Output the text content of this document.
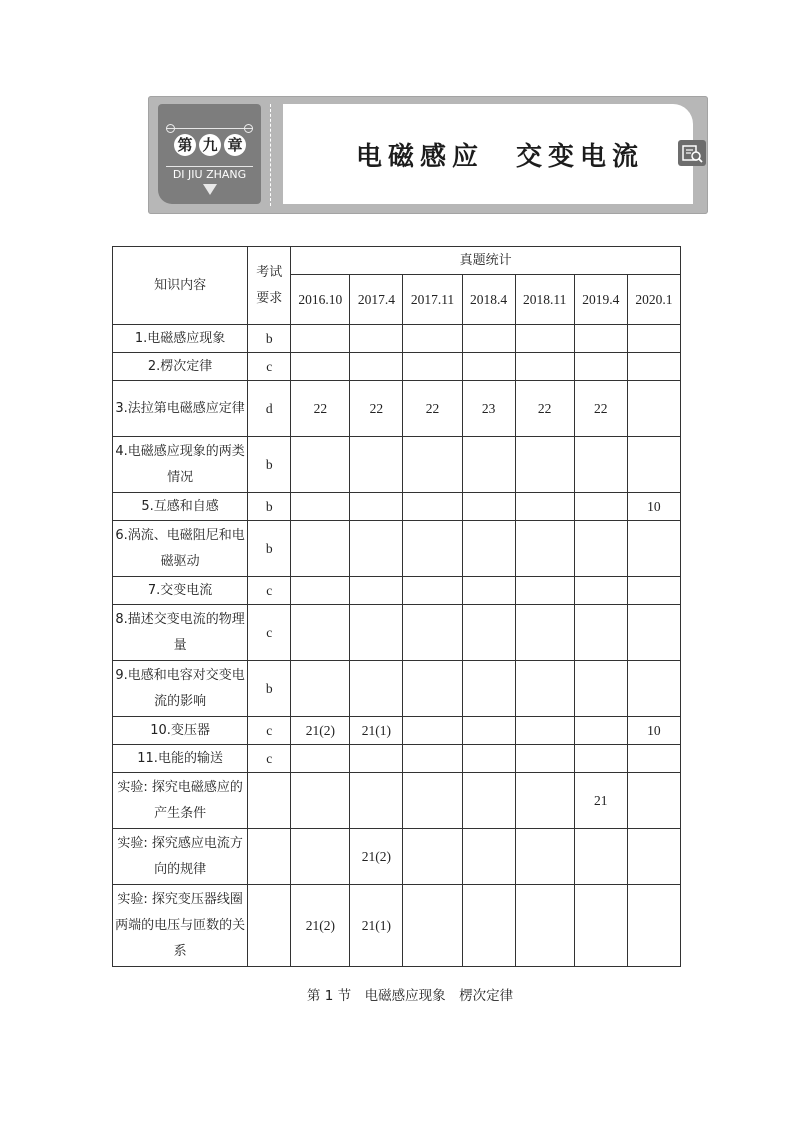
第 九 章
DI JIU ZHANG
电磁感应　交变电流
知识内容	考试要求	真题统计						
		2016.10	2017.4	2017.11	2018.4	2018.11	2019.4	2020.1
1.电磁感应现象	b							
2.楞次定律	c							
3.法拉第电磁感应定律	d	22	22	22	23	22	22	
4.电磁感应现象的两类情况	b							
5.互感和自感	b							10
6.涡流、电磁阻尼和电磁驱动	b							
7.交变电流	c							
8.描述交变电流的物理量	c							
9.电感和电容对交变电流的影响	b							
10.变压器	c	21(2)	21(1)					10
11.电能的输送	c							
实验: 探究电磁感应的产生条件							21	
实验: 探究感应电流方向的规律			21(2)					
实验: 探究变压器线圈两端的电压与匝数的关系		21(2)	21(1)					
第 1 节　电磁感应现象　楞次定律
